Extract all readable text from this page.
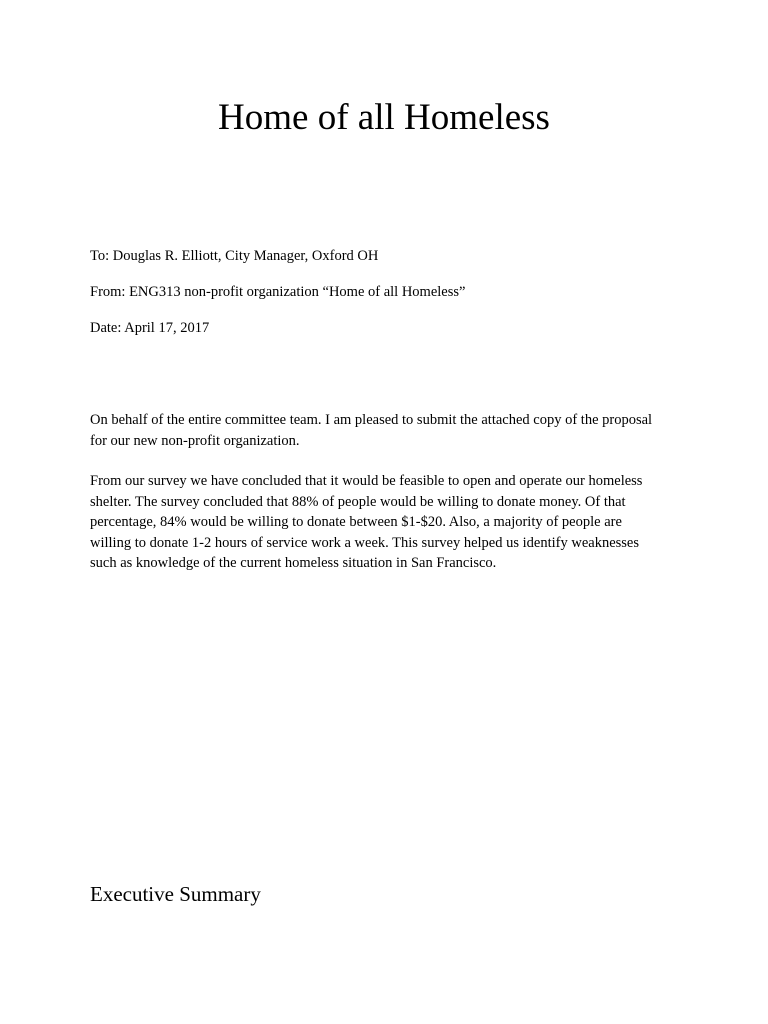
Home of all Homeless

To: Douglas R. Elliott, City Manager, Oxford OH

From: ENG313 non-profit organization “Home of all Homeless”

Date: April 17, 2017

On behalf of the entire committee team. I am pleased to submit the attached copy of the proposal
for our new non-profit organization.
From our survey we have concluded that it would be feasible to open and operate our homeless
shelter. The survey concluded that 88% of people would be willing to donate money. Of that
percentage, 84% would be willing to donate between $1-$20. Also, a majority of people are
willing to donate 1-2 hours of service work a week. This survey helped us identify weaknesses
such as knowledge of the current homeless situation in San Francisco.
Executive Summary
